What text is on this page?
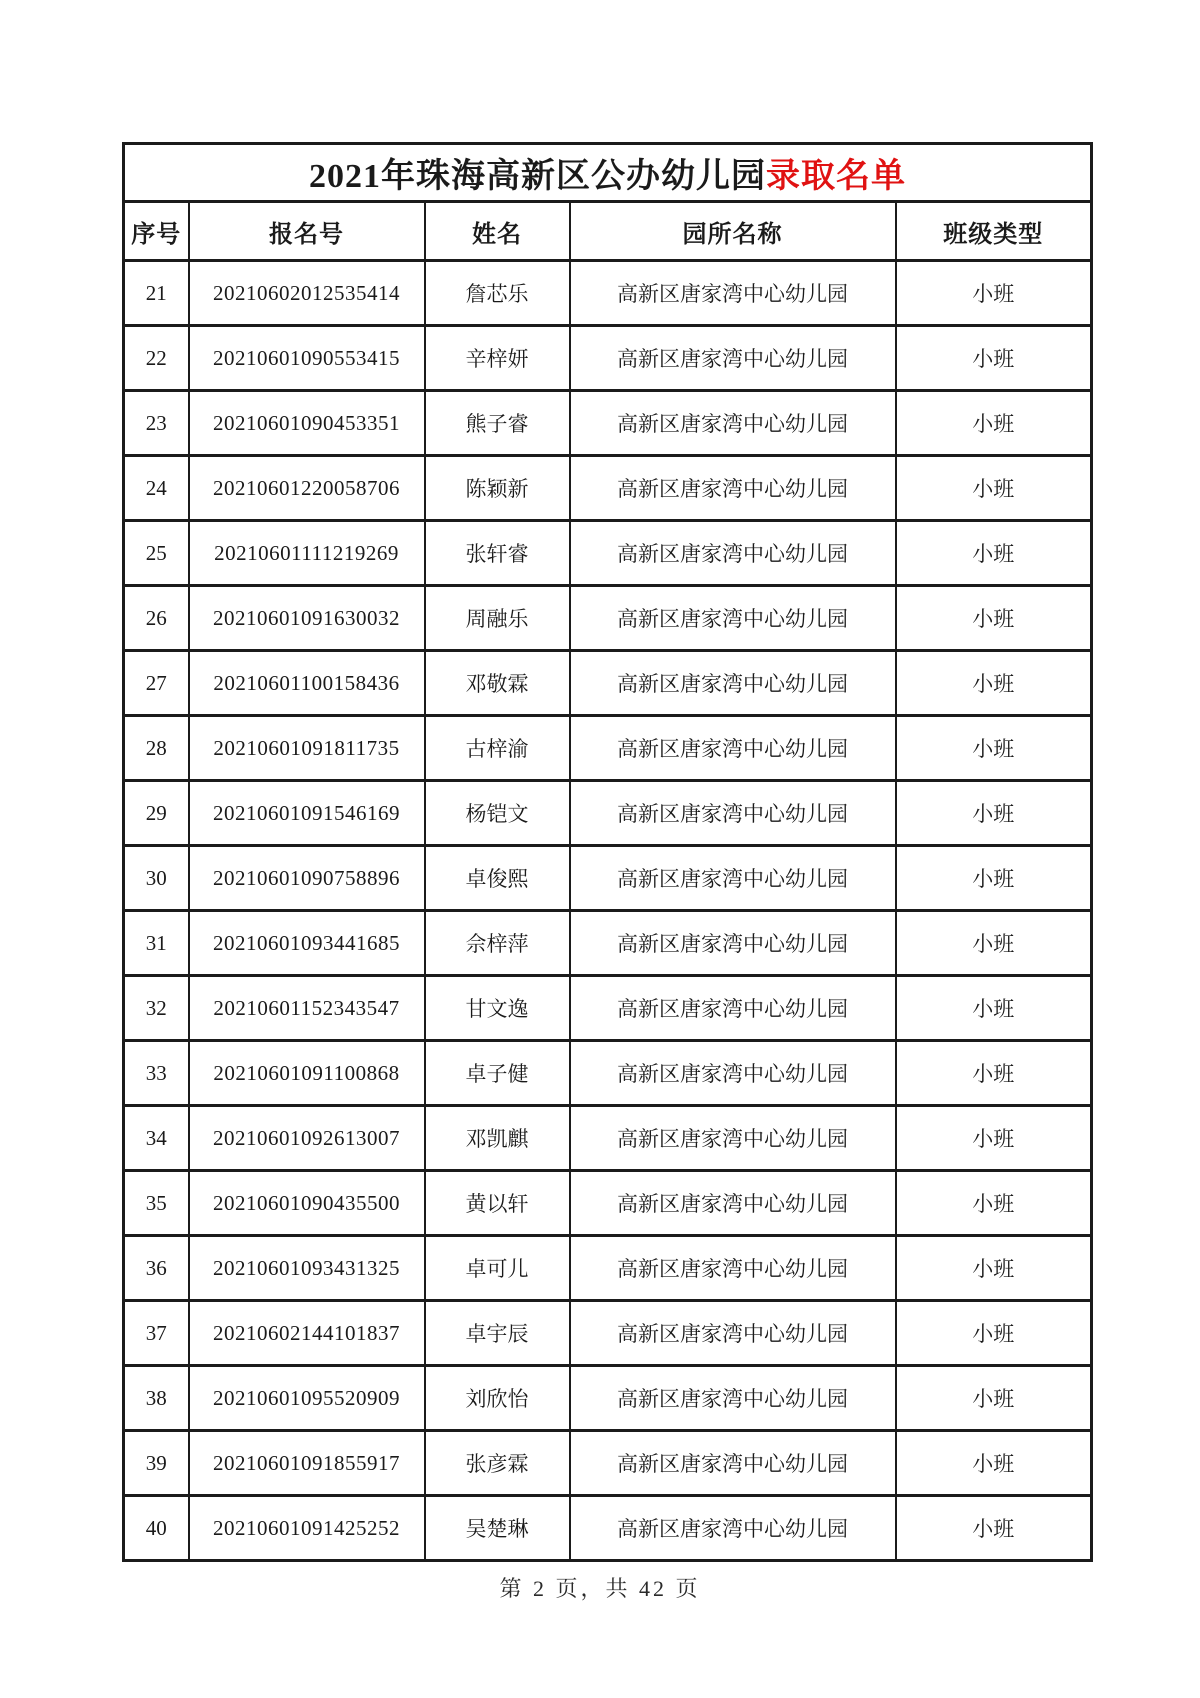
2021年珠海高新区公办幼儿园录取名单				
序号	报名号	姓名	园所名称	班级类型
21	20210602012535414	詹芯乐	高新区唐家湾中心幼儿园	小班
22	20210601090553415	辛梓妍	高新区唐家湾中心幼儿园	小班
23	20210601090453351	熊子睿	高新区唐家湾中心幼儿园	小班
24	20210601220058706	陈颖新	高新区唐家湾中心幼儿园	小班
25	20210601111219269	张轩睿	高新区唐家湾中心幼儿园	小班
26	20210601091630032	周融乐	高新区唐家湾中心幼儿园	小班
27	20210601100158436	邓敬霖	高新区唐家湾中心幼儿园	小班
28	20210601091811735	古梓渝	高新区唐家湾中心幼儿园	小班
29	20210601091546169	杨铠文	高新区唐家湾中心幼儿园	小班
30	20210601090758896	卓俊熙	高新区唐家湾中心幼儿园	小班
31	20210601093441685	佘梓萍	高新区唐家湾中心幼儿园	小班
32	20210601152343547	甘文逸	高新区唐家湾中心幼儿园	小班
33	20210601091100868	卓子健	高新区唐家湾中心幼儿园	小班
34	20210601092613007	邓凯麒	高新区唐家湾中心幼儿园	小班
35	20210601090435500	黄以轩	高新区唐家湾中心幼儿园	小班
36	20210601093431325	卓可儿	高新区唐家湾中心幼儿园	小班
37	20210602144101837	卓宇辰	高新区唐家湾中心幼儿园	小班
38	20210601095520909	刘欣怡	高新区唐家湾中心幼儿园	小班
39	20210601091855917	张彦霖	高新区唐家湾中心幼儿园	小班
40	20210601091425252	吴楚琳	高新区唐家湾中心幼儿园	小班
第 2 页，共 42 页
